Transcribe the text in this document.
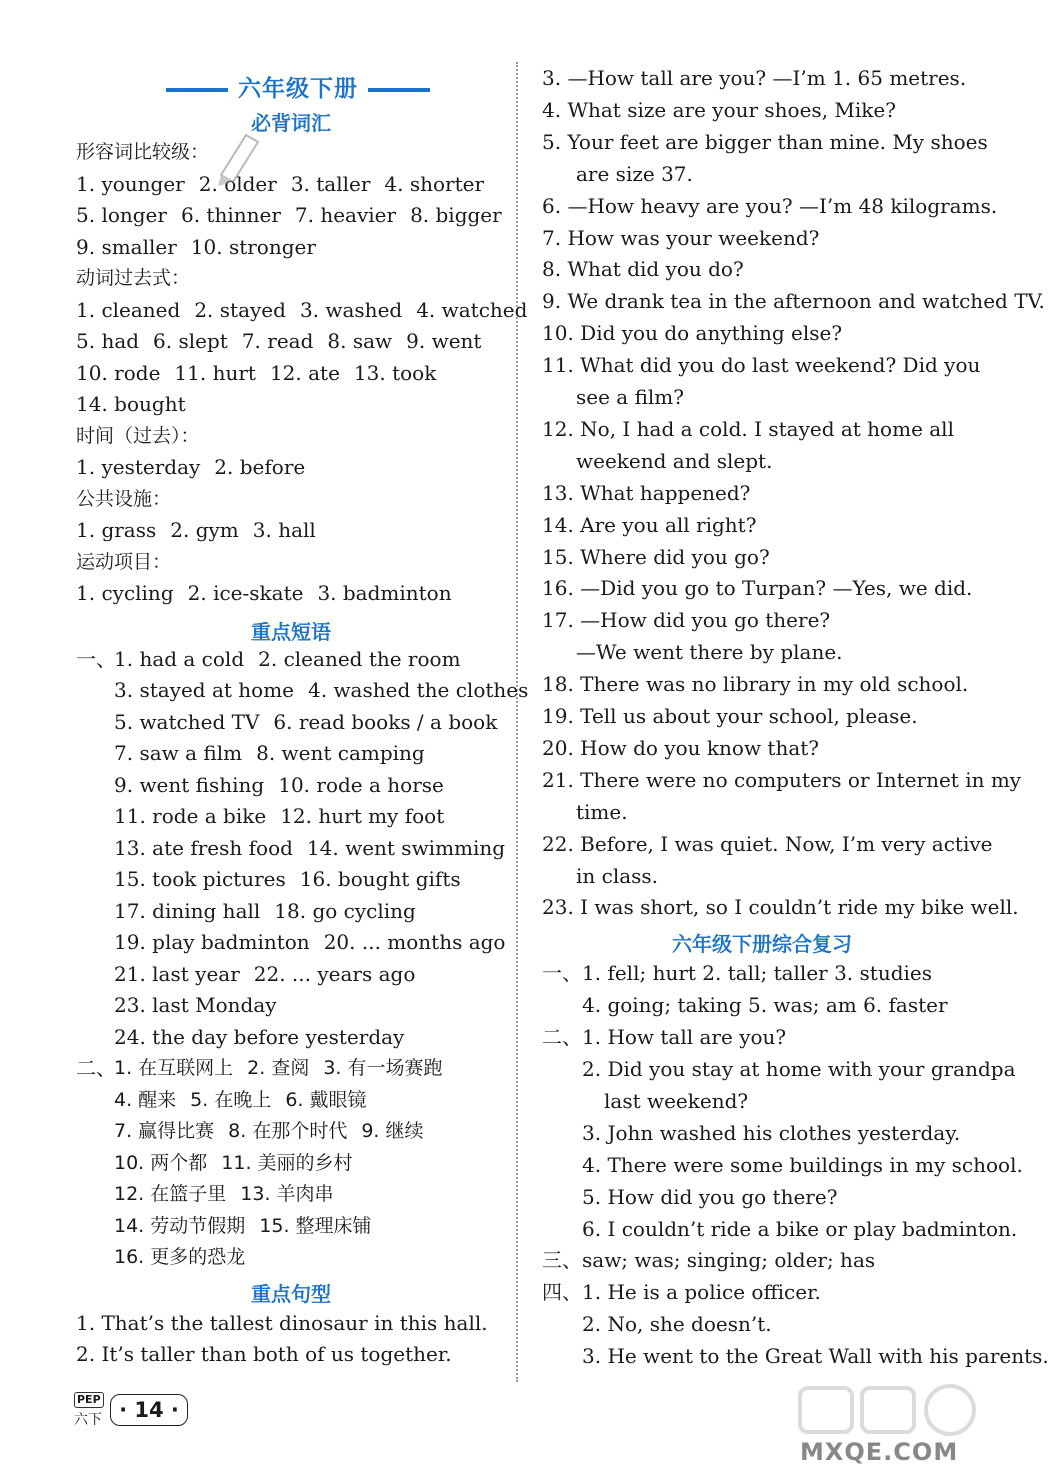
六年级下册
必背词汇
形容词比较级：
1. younger 2. older 3. taller 4. shorter
5. longer 6. thinner 7. heavier 8. bigger
9. smaller 10. stronger
动词过去式：
1. cleaned 2. stayed 3. washed 4. watched
5. had 6. slept 7. read 8. saw 9. went
10. rode 11. hurt 12. ate 13. took
14. bought
时间（过去）：
1. yesterday 2. before
公共设施：
1. grass 2. gym 3. hall
运动项目：
1. cycling 2. ice-skate 3. badminton
重点短语
一、
1. had a cold 2. cleaned the room
3. stayed at home 4. washed the clothes
5. watched TV 6. read books / a book
7. saw a film 8. went camping
9. went fishing 10. rode a horse
11. rode a bike 12. hurt my foot
13. ate fresh food 14. went swimming
15. took pictures 16. bought gifts
17. dining hall 18. go cycling
19. play badminton 20. ... months ago
21. last year 22. ... years ago
23. last Monday
24. the day before yesterday
二、
1. 在互联网上 2. 查阅 3. 有一场赛跑
4. 醒来 5. 在晚上 6. 戴眼镜
7. 赢得比赛 8. 在那个时代 9. 继续
10. 两个都 11. 美丽的乡村
12. 在篮子里 13. 羊肉串
14. 劳动节假期 15. 整理床铺
16. 更多的恐龙
重点句型
1. That’s the tallest dinosaur in this hall.
2. It’s taller than both of us together.
3. —How tall are you? —I’m 1. 65 metres.
4. What size are your shoes, Mike?
5. Your feet are bigger than mine. My shoes
are size 37.
6. —How heavy are you? —I’m 48 kilograms.
7. How was your weekend?
8. What did you do?
9. We drank tea in the afternoon and watched TV.
10. Did you do anything else?
11. What did you do last weekend? Did you
see a film?
12. No, I had a cold. I stayed at home all
weekend and slept.
13. What happened?
14. Are you all right?
15. Where did you go?
16. —Did you go to Turpan? —Yes, we did.
17. —How did you go there?
—We went there by plane.
18. There was no library in my old school.
19. Tell us about your school, please.
20. How do you know that?
21. There were no computers or Internet in my
time.
22. Before, I was quiet. Now, I’m very active
in class.
23. I was short, so I couldn’t ride my bike well.
六年级下册综合复习
一、 1. fell; hurt 2. tall; taller 3. studies
4. going; taking 5. was; am 6. faster
二、 1. How tall are you?
2. Did you stay at home with your grandpa
last weekend?
3. John washed his clothes yesterday.
4. There were some buildings in my school.
5. How did you go there?
6. I couldn’t ride a bike or play badminton.
三、 saw; was; singing; older; has
四、 1. He is a police officer.
2. No, she doesn’t.
3. He went to the Great Wall with his parents.
PEP
六下 · 14 ·
MXQE.COM
